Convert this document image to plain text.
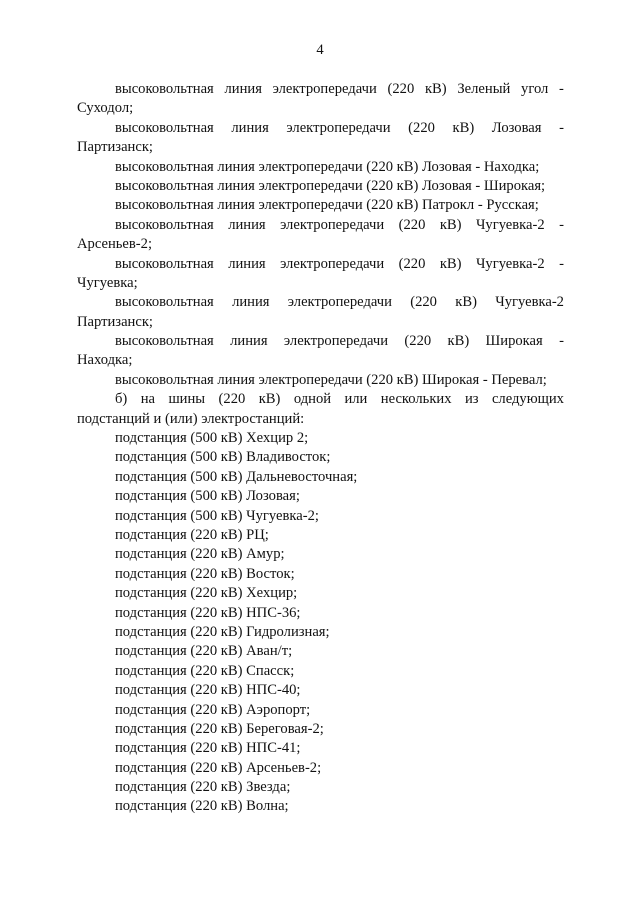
4
высоковольтная линия электропередачи (220 кВ) Зеленый угол -
Суходол;
высоковольтная линия электропередачи (220 кВ) Лозовая -
Партизанск;
высоковольтная линия электропередачи (220 кВ) Лозовая - Находка;
высоковольтная линия электропередачи (220 кВ) Лозовая - Широкая;
высоковольтная линия электропередачи (220 кВ) Патрокл - Русская;
высоковольтная линия электропередачи (220 кВ) Чугуевка-2 -
Арсеньев-2;
высоковольтная линия электропередачи (220 кВ) Чугуевка-2 -
Чугуевка;
высоковольтная линия электропередачи (220 кВ) Чугуевка-2
Партизанск;
высоковольтная линия электропередачи (220 кВ) Широкая -
Находка;
высоковольтная линия электропередачи (220 кВ) Широкая - Перевал;
б) на шины (220 кВ) одной или нескольких из следующих
подстанций и (или) электростанций:
подстанция (500 кВ) Хехцир 2;
подстанция (500 кВ) Владивосток;
подстанция (500 кВ) Дальневосточная;
подстанция (500 кВ) Лозовая;
подстанция (500 кВ) Чугуевка-2;
подстанция (220 кВ) РЦ;
подстанция (220 кВ) Амур;
подстанция (220 кВ) Восток;
подстанция (220 кВ) Хехцир;
подстанция (220 кВ) НПС-36;
подстанция (220 кВ) Гидролизная;
подстанция (220 кВ) Аван/т;
подстанция (220 кВ) Спасск;
подстанция (220 кВ) НПС-40;
подстанция (220 кВ) Аэропорт;
подстанция (220 кВ) Береговая-2;
подстанция (220 кВ) НПС-41;
подстанция (220 кВ) Арсеньев-2;
подстанция (220 кВ) Звезда;
подстанция (220 кВ) Волна;
